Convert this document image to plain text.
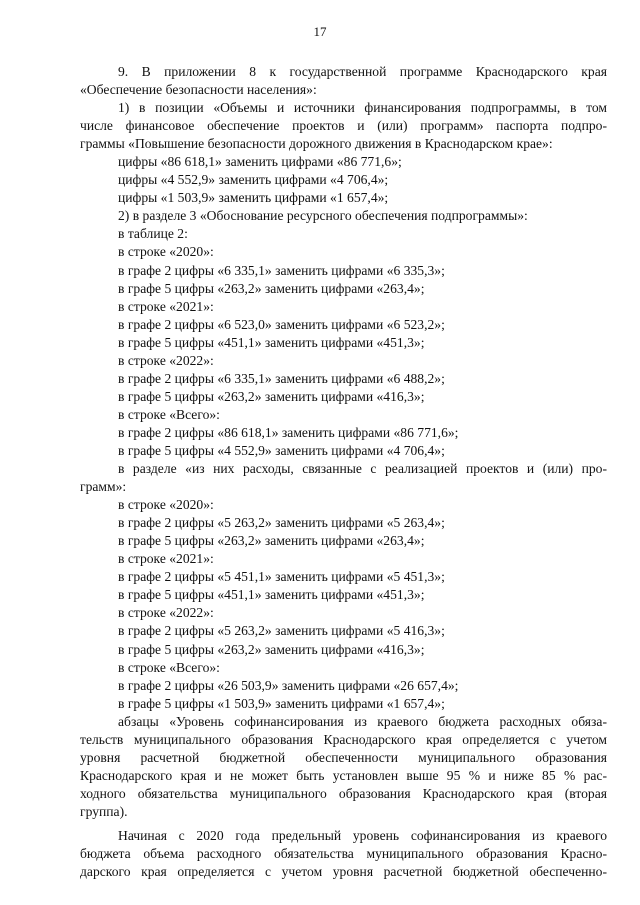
17
9. В приложении 8 к государственной программе Краснодарского края
«Обеспечение безопасности населения»:
1) в позиции «Объемы и источники финансирования подпрограммы, в том
числе финансовое обеспечение проектов и (или) программ» паспорта подпро-
граммы «Повышение безопасности дорожного движения в Краснодарском крае»:
цифры «86 618,1» заменить цифрами «86 771,6»;
цифры «4 552,9» заменить цифрами «4 706,4»;
цифры «1 503,9» заменить цифрами «1 657,4»;
2) в разделе 3 «Обоснование ресурсного обеспечения подпрограммы»:
в таблице 2:
в строке «2020»:
в графе 2 цифры «6 335,1» заменить цифрами «6 335,3»;
в графе 5 цифры «263,2» заменить цифрами «263,4»;
в строке «2021»:
в графе 2 цифры «6 523,0» заменить цифрами «6 523,2»;
в графе 5 цифры «451,1» заменить цифрами «451,3»;
в строке «2022»:
в графе 2 цифры «6 335,1» заменить цифрами «6 488,2»;
в графе 5 цифры «263,2» заменить цифрами «416,3»;
в строке «Всего»:
в графе 2 цифры «86 618,1» заменить цифрами «86 771,6»;
в графе 5 цифры «4 552,9» заменить цифрами «4 706,4»;
в разделе «из них расходы, связанные с реализацией проектов и (или) про-
грамм»:
в строке «2020»:
в графе 2 цифры «5 263,2» заменить цифрами «5 263,4»;
в графе 5 цифры «263,2» заменить цифрами «263,4»;
в строке «2021»:
в графе 2 цифры «5 451,1» заменить цифрами «5 451,3»;
в графе 5 цифры «451,1» заменить цифрами «451,3»;
в строке «2022»:
в графе 2 цифры «5 263,2» заменить цифрами «5 416,3»;
в графе 5 цифры «263,2» заменить цифрами «416,3»;
в строке «Всего»:
в графе 2 цифры «26 503,9» заменить цифрами «26 657,4»;
в графе 5 цифры «1 503,9» заменить цифрами «1 657,4»;
абзацы «Уровень софинансирования из краевого бюджета расходных обяза-
тельств муниципального образования Краснодарского края определяется с учетом
уровня расчетной бюджетной обеспеченности муниципального образования
Краснодарского края и не может быть установлен выше 95 % и ниже 85 % рас-
ходного обязательства муниципального образования Краснодарского края (вторая
группа).
Начиная с 2020 года предельный уровень софинансирования из краевого
бюджета объема расходного обязательства муниципального образования Красно-
дарского края определяется с учетом уровня расчетной бюджетной обеспеченно-
